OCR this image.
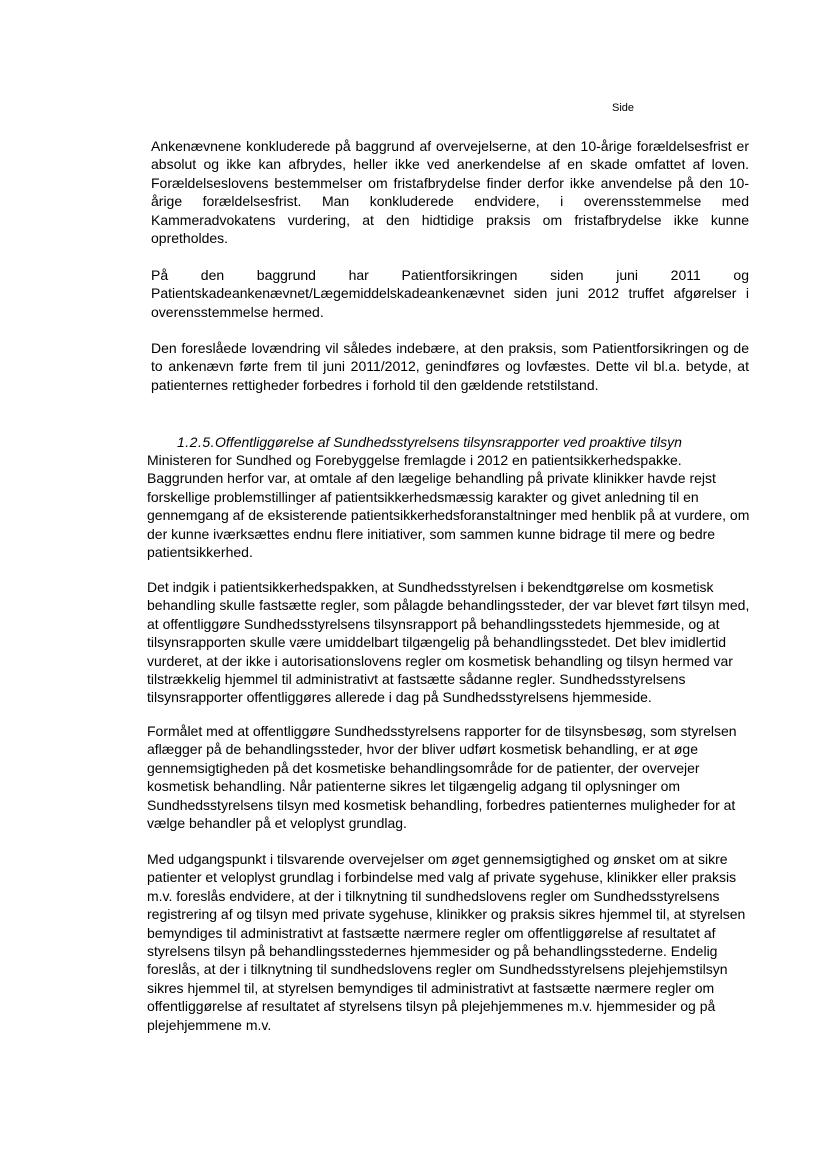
Side

Ankenævnene konkluderede på baggrund af overvejelserne, at den 10-årige forældelsesfrist er absolut og ikke kan afbrydes, heller ikke ved anerkendelse af en skade omfattet af loven. Forældelseslovens bestemmelser om fristafbrydelse finder derfor ikke anvendelse på den 10-årige forældelsesfrist. Man konkluderede endvidere, i overensstemmelse med Kammeradvokatens vurdering, at den hidtidige praksis om fristafbrydelse ikke kunne opretholdes.

På den baggrund har Patientforsikringen siden juni 2011 og Patientskadeankenævnet/Lægemiddelskadeankenævnet siden juni 2012 truffet afgørelser i overensstemmelse hermed.

Den foreslåede lovændring vil således indebære, at den praksis, som Patientforsikringen og de to ankenævn førte frem til juni 2011/2012, genindføres og lovfæstes. Dette vil bl.a. betyde, at patienternes rettigheder forbedres i forhold til den gældende retstilstand.

1.2.5.Offentliggørelse af Sundhedsstyrelsens tilsynsrapporter ved proaktive tilsyn

Ministeren for Sundhed og Forebyggelse fremlagde i 2012 en patientsikkerhedspakke. Baggrunden herfor var, at omtale af den lægelige behandling på private klinikker havde rejst forskellige problemstillinger af patientsikkerhedsmæssig karakter og givet anledning til en gennemgang af de eksisterende patientsikkerhedsforanstaltninger med henblik på at vurdere, om der kunne iværksættes endnu flere initiativer, som sammen kunne bidrage til mere og bedre patientsikkerhed.

Det indgik i patientsikkerhedspakken, at Sundhedsstyrelsen i bekendtgørelse om kosmetisk behandling skulle fastsætte regler, som pålagde behandlingssteder, der var blevet ført tilsyn med, at offentliggøre Sundhedsstyrelsens tilsynsrapport på behandlingsstedets hjemmeside, og at tilsynsrapporten skulle være umiddelbart tilgængelig på behandlingsstedet. Det blev imidlertid vurderet, at der ikke i autorisationslovens regler om kosmetisk behandling og tilsyn hermed var tilstrækkelig hjemmel til administrativt at fastsætte sådanne regler. Sundhedsstyrelsens tilsynsrapporter offentliggøres allerede i dag på Sundhedsstyrelsens hjemmeside.

Formålet med at offentliggøre Sundhedsstyrelsens rapporter for de tilsynsbesøg, som styrelsen aflægger på de behandlingssteder, hvor der bliver udført kosmetisk behandling, er at øge gennemsigtigheden på det kosmetiske behandlingsområde for de patienter, der overvejer kosmetisk behandling. Når patienterne sikres let tilgængelig adgang til oplysninger om Sundhedsstyrelsens tilsyn med kosmetisk behandling, forbedres patienternes muligheder for at vælge behandler på et veloplyst grundlag.

Med udgangspunkt i tilsvarende overvejelser om øget gennemsigtighed og ønsket om at sikre patienter et veloplyst grundlag i forbindelse med valg af private sygehuse, klinikker eller praksis m.v. foreslås endvidere, at der i tilknytning til sundhedslovens regler om Sundhedsstyrelsens registrering af og tilsyn med private sygehuse, klinikker og praksis sikres hjemmel til, at styrelsen bemyndiges til administrativt at fastsætte nærmere regler om offentliggørelse af resultatet af styrelsens tilsyn på behandlingsstedernes hjemmesider og på behandlingsstederne. Endelig foreslås, at der i tilknytning til sundhedslovens regler om Sundhedsstyrelsens plejehjemstilsyn sikres hjemmel til, at styrelsen bemyndiges til administrativt at fastsætte nærmere regler om offentliggørelse af resultatet af styrelsens tilsyn på plejehjemmenes m.v. hjemmesider og på plejehjemmene m.v.
